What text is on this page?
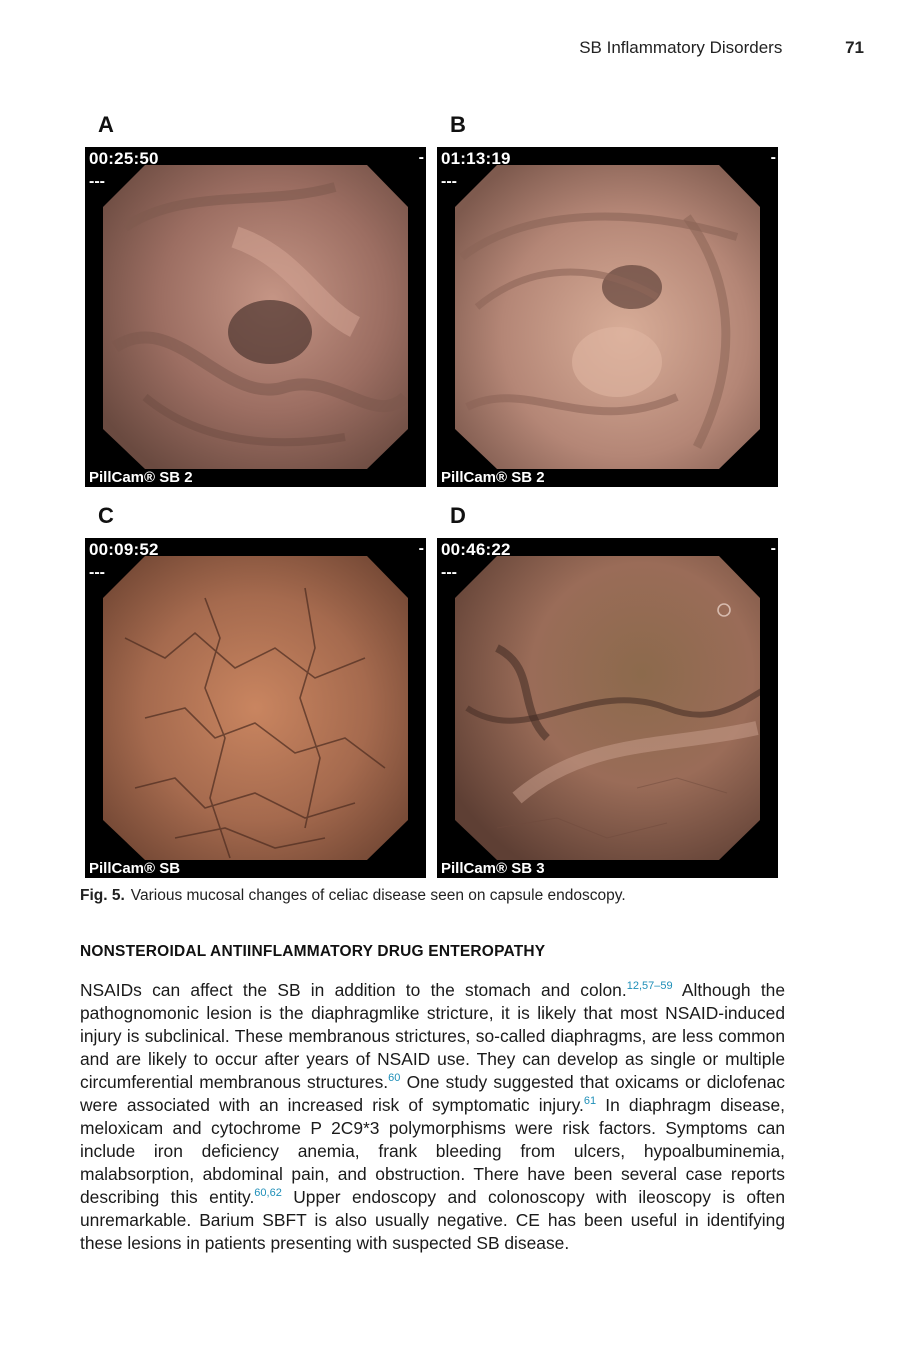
SB Inflammatory Disorders	71
A
00:25:50
---
-
PillCam® SB 2
B
01:13:19
---
-
PillCam® SB 2
C
00:09:52
---
-
PillCam® SB
D
00:46:22
---
-
PillCam® SB 3
Fig. 5. Various mucosal changes of celiac disease seen on capsule endoscopy.
NONSTEROIDAL ANTIINFLAMMATORY DRUG ENTEROPATHY
NSAIDs can affect the SB in addition to the stomach and colon.$^{12,57-59}$ Although the pathognomonic lesion is the diaphragmlike stricture, it is likely that most NSAID-induced injury is subclinical. These membranous strictures, so-called diaphragms, are less common and are likely to occur after years of NSAID use. They can develop as single or multiple circumferential membranous structures.$^{60}$ One study suggested that oxicams or diclofenac were associated with an increased risk of symptomatic injury.$^{61}$ In diaphragm disease, meloxicam and cytochrome P 2C9*3 polymorphisms were risk factors. Symptoms can include iron deficiency anemia, frank bleeding from ulcers, hypoalbuminemia, malabsorption, abdominal pain, and obstruction. There have been several case reports describing this entity.$^{60,62}$ Upper endoscopy and colonoscopy with ileoscopy is often unremarkable. Barium SBFT is also usually negative. CE has been useful in identifying these lesions in patients presenting with suspected SB disease.
